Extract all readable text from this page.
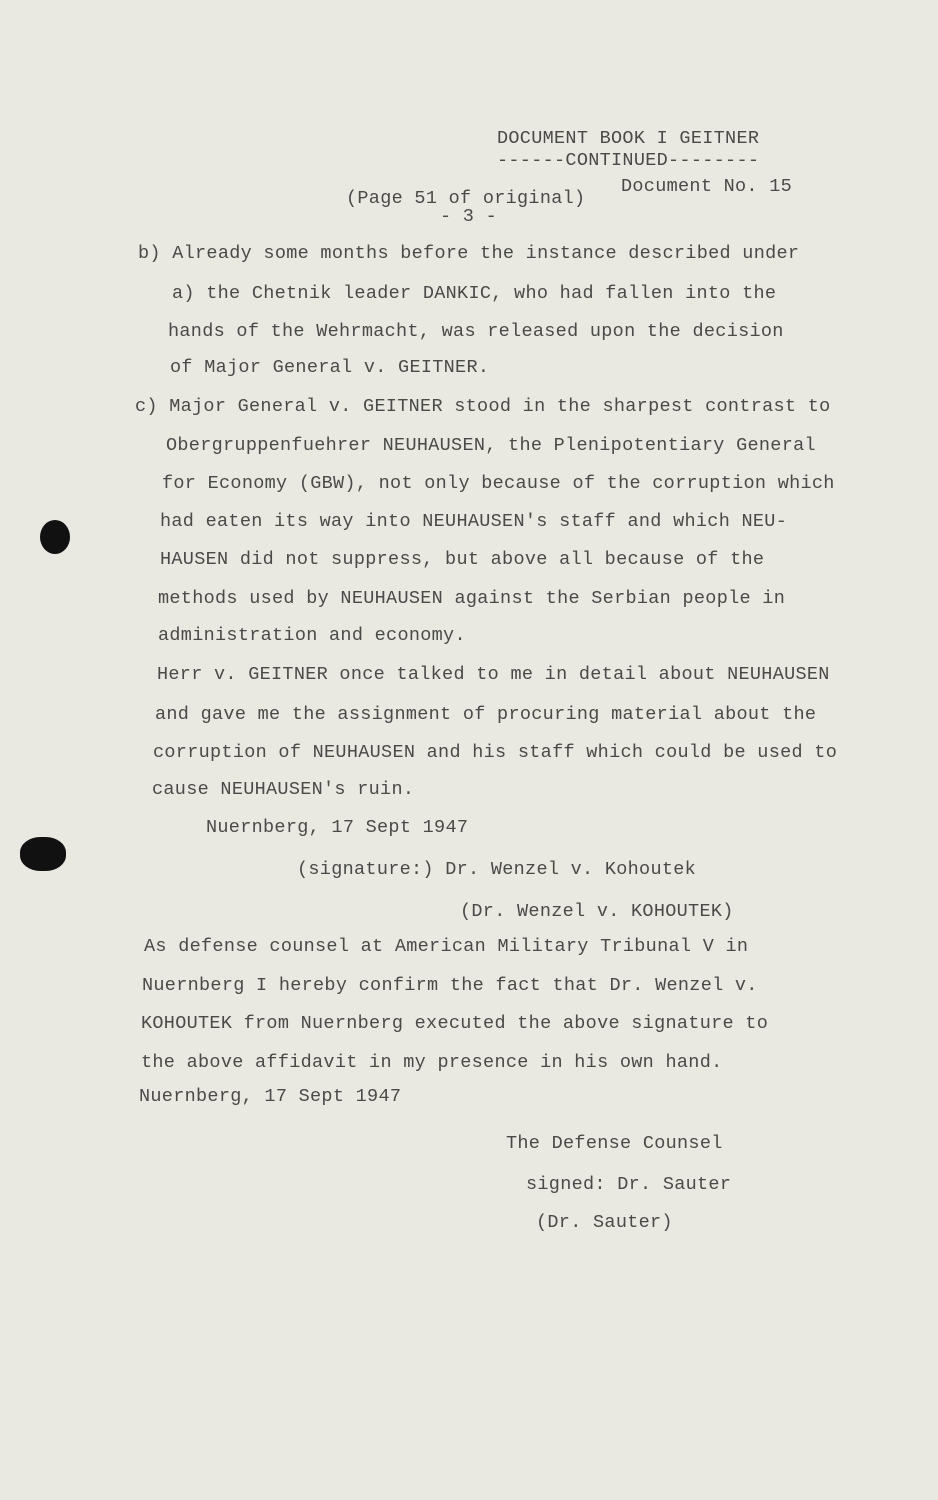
DOCUMENT BOOK I GEITNER
------CONTINUED--------
(Page 51 of original)
Document No. 15
- 3 -
b) Already some months before the instance described under
a) the Chetnik leader DANKIC, who had fallen into the
hands of the Wehrmacht, was released upon the decision
of Major General v. GEITNER.
c) Major General v. GEITNER stood in the sharpest contrast to
Obergruppenfuehrer NEUHAUSEN, the Plenipotentiary General
for Economy (GBW), not only because of the corruption which
had eaten its way into NEUHAUSEN's staff and which NEU-
HAUSEN did not suppress, but above all because of the
methods used by NEUHAUSEN against the Serbian people in
administration and economy.
Herr v. GEITNER once talked to me in detail about NEUHAUSEN
and gave me the assignment of procuring material about the
corruption of NEUHAUSEN and his staff which could be used to
cause NEUHAUSEN's ruin.
Nuernberg, 17 Sept 1947
(signature:) Dr. Wenzel v. Kohoutek
(Dr. Wenzel v. KOHOUTEK)
As defense counsel at American Military Tribunal V in
Nuernberg I hereby confirm the fact that Dr. Wenzel v.
KOHOUTEK from Nuernberg executed the above signature to
the above affidavit in my presence in his own hand.
Nuernberg, 17 Sept 1947
The Defense Counsel
signed: Dr. Sauter
(Dr. Sauter)
